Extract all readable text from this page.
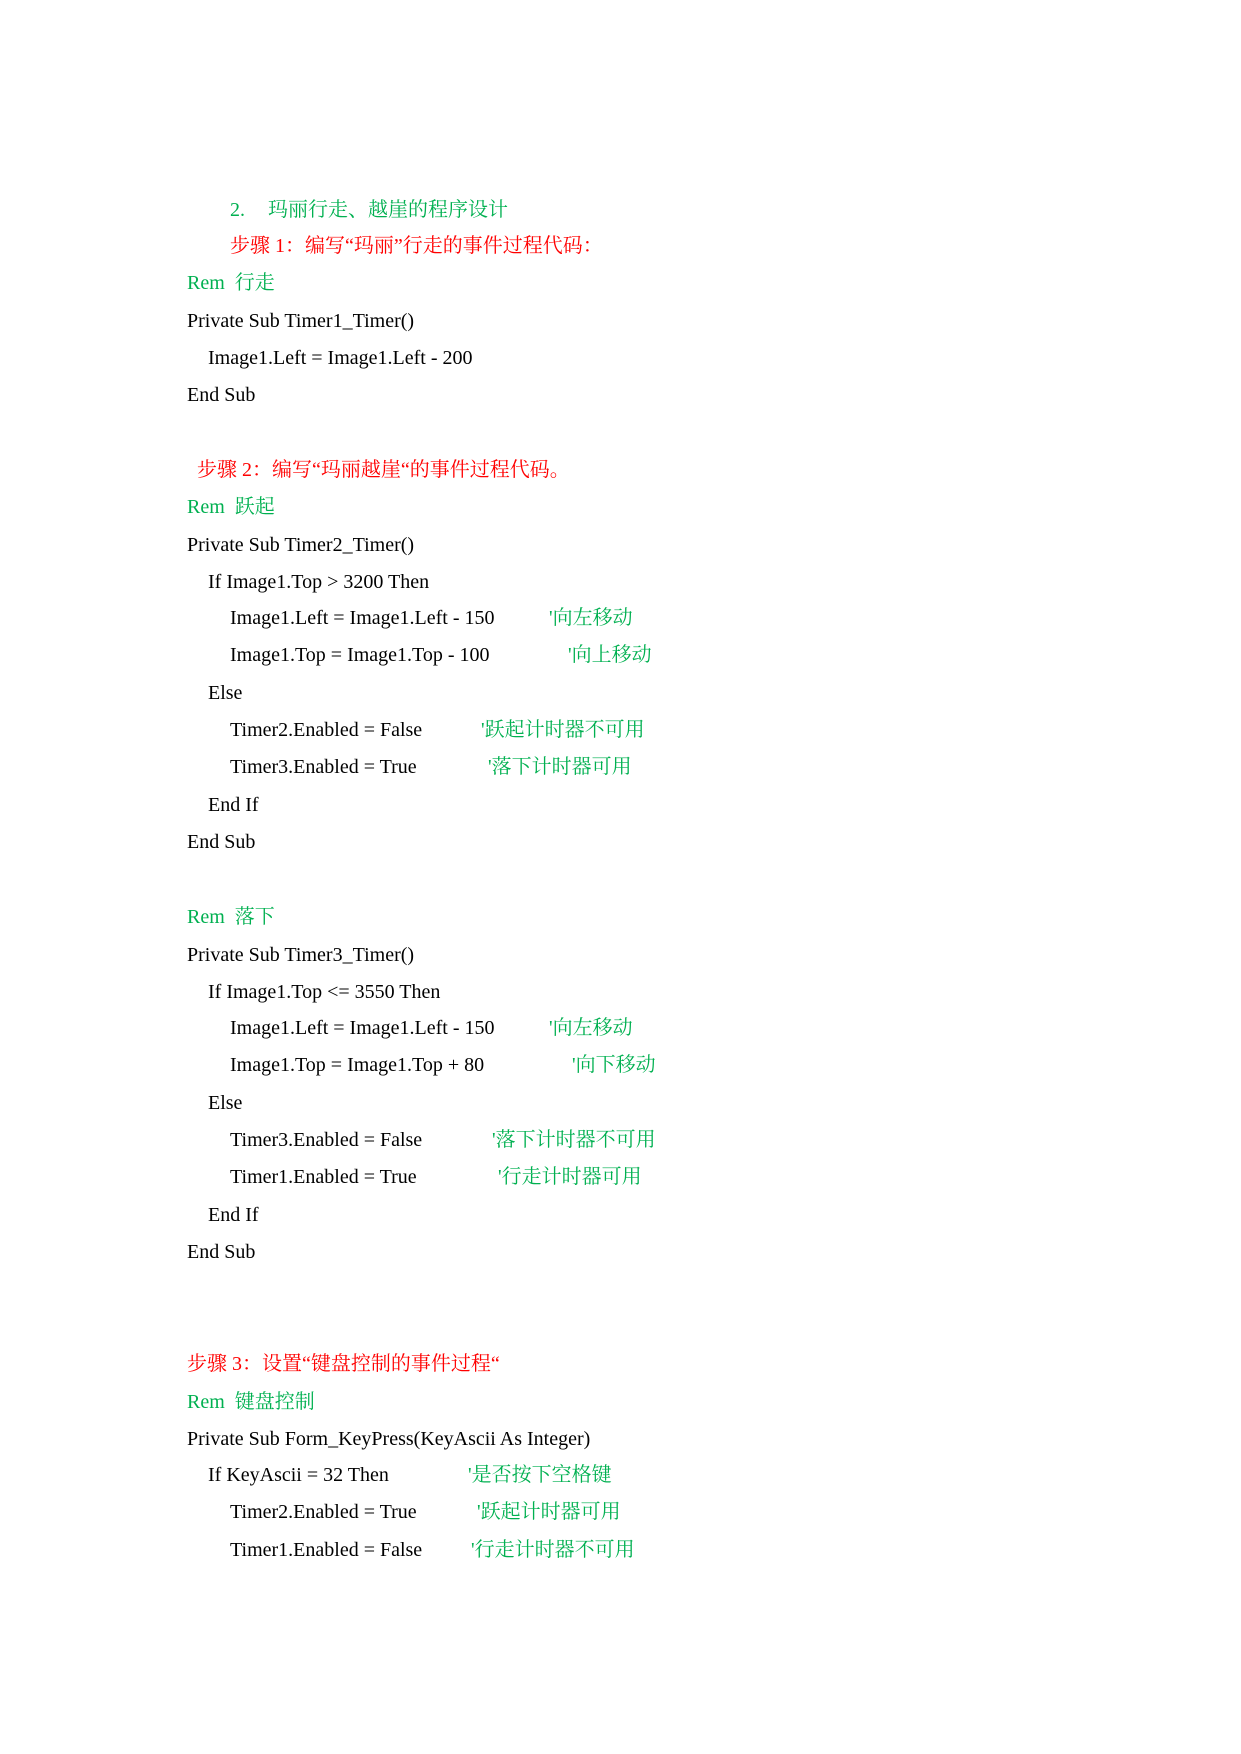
2.

玛丽行走、越崖的程序设计

步骤 1：编写“玛丽”行走的事件过程代码：

Rem  行走

Private Sub Timer1_Timer()

Image1.Left = Image1.Left - 200

End Sub

步骤 2：编写“玛丽越崖“的事件过程代码。

Rem  跃起

Private Sub Timer2_Timer()

If Image1.Top > 3200 Then

Image1.Left = Image1.Left - 150

	'向左移动

Image1.Top = Image1.Top - 100

	'向上移动

Else

Timer2.Enabled = False

	'跃起计时器不可用

Timer3.Enabled = True

	'落下计时器可用

End If

End Sub

Rem  落下

Private Sub Timer3_Timer()

If Image1.Top <= 3550 Then

Image1.Left = Image1.Left - 150

	'向左移动

Image1.Top = Image1.Top + 80

	'向下移动

Else

Timer3.Enabled = False

	'落下计时器不可用

Timer1.Enabled = True

	'行走计时器可用

End If

End Sub

步骤 3：设置“键盘控制的事件过程“

Rem  键盘控制

Private Sub Form_KeyPress(KeyAscii As Integer)

If KeyAscii = 32 Then

	'是否按下空格键

Timer2.Enabled = True

	'跃起计时器可用

Timer1.Enabled = False

'行走计时器不可用
